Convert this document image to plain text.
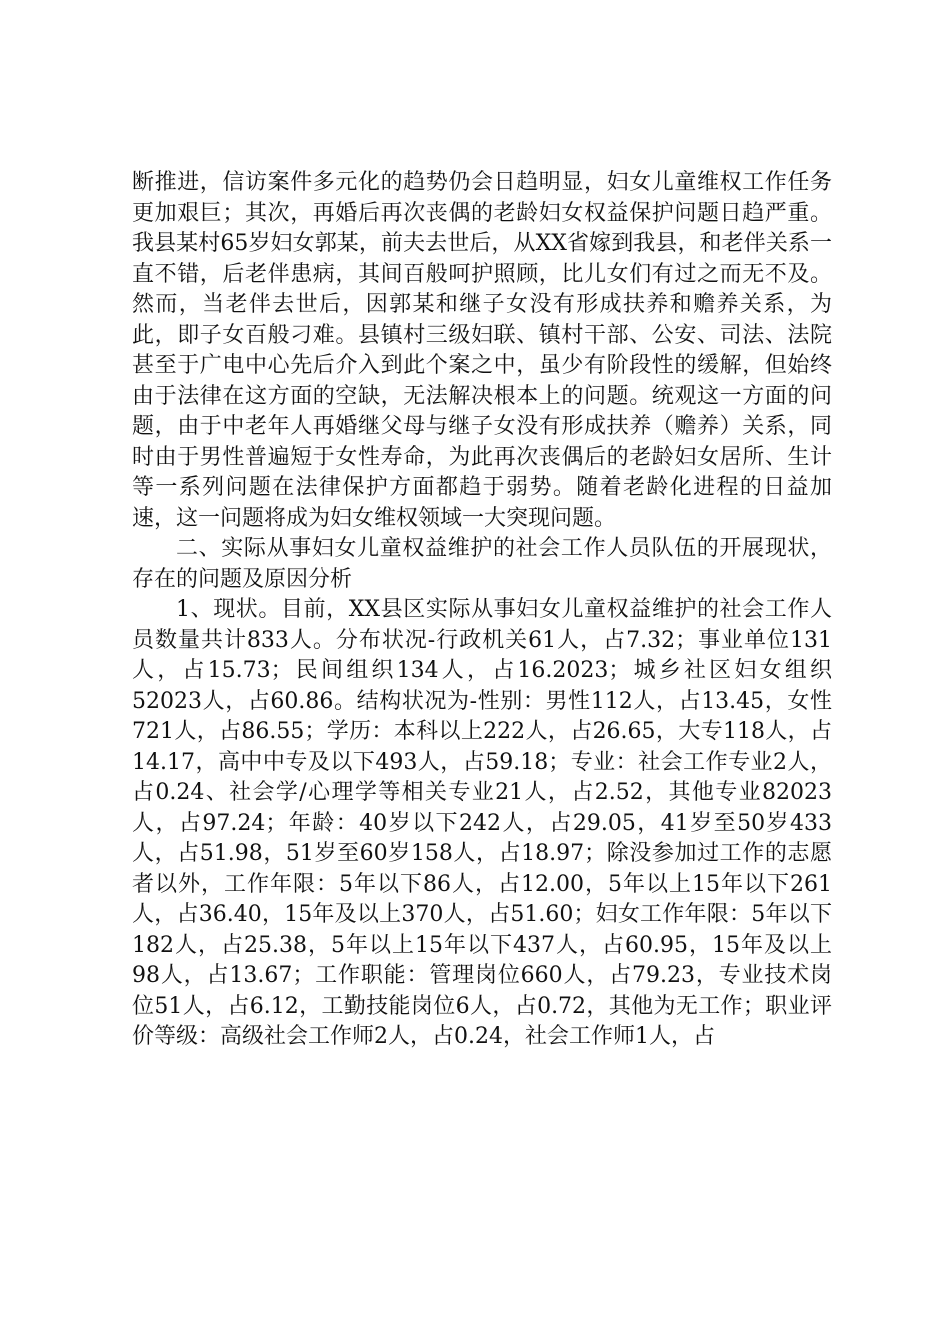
断推进，信访案件多元化的趋势仍会日趋明显，妇女儿童维权工作任务更加艰巨；其次，再婚后再次丧偶的老龄妇女权益保护问题日趋严重。我县某村65岁妇女郭某，前夫去世后，从XX省嫁到我县，和老伴关系一直不错，后老伴患病，其间百般呵护照顾，比儿女们有过之而无不及。然而，当老伴去世后，因郭某和继子女没有形成扶养和赡养关系，为此，即子女百般刁难。县镇村三级妇联、镇村干部、公安、司法、法院甚至于广电中心先后介入到此个案之中，虽少有阶段性的缓解，但始终由于法律在这方面的空缺，无法解决根本上的问题。统观这一方面的问题，由于中老年人再婚继父母与继子女没有形成扶养（赡养）关系，同时由于男性普遍短于女性寿命，为此再次丧偶后的老龄妇女居所、生计等一系列问题在法律保护方面都趋于弱势。随着老龄化进程的日益加速，这一问题将成为妇女维权领域一大突现问题。

二、实际从事妇女儿童权益维护的社会工作人员队伍的开展现状，存在的问题及原因分析

1、现状。目前，XX县区实际从事妇女儿童权益维护的社会工作人员数量共计833人。分布状况-行政机关61人，占7.32；事业单位131人，占15.73；民间组织134人，占16.2023；城乡社区妇女组织52023人，占60.86。结构状况为-性别：男性112人，占13.45，女性721人，占86.55；学历：本科以上222人，占26.65，大专118人，占14.17，高中中专及以下493人，占59.18；专业：社会工作专业2人，占0.24、社会学/心理学等相关专业21人，占2.52，其他专业82023人，占97.24；年龄：40岁以下242人，占29.05，41岁至50岁433人，占51.98，51岁至60岁158人，占18.97；除没参加过工作的志愿者以外，工作年限：5年以下86人，占12.00，5年以上15年以下261人，占36.40，15年及以上370人，占51.60；妇女工作年限：5年以下182人，占25.38，5年以上15年以下437人，占60.95，15年及以上98人，占13.67；工作职能：管理岗位660人，占79.23，专业技术岗位51人，占6.12，工勤技能岗位6人，占0.72，其他为无工作；职业评价等级：高级社会工作师2人，占0.24，社会工作师1人，占
